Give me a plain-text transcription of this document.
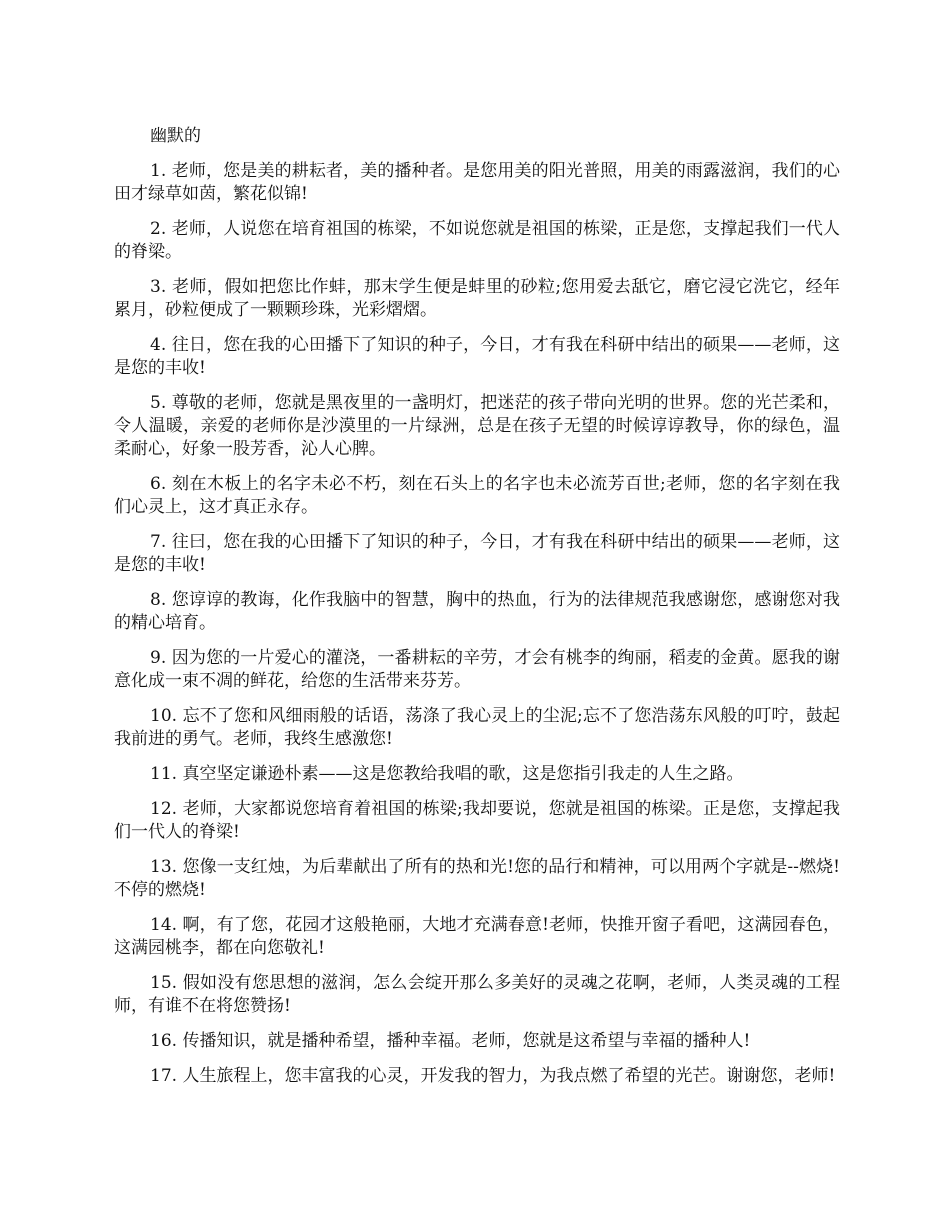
幽默的

1. 老师，您是美的耕耘者，美的播种者。是您用美的阳光普照，用美的雨露滋润，我们的心田才绿草如茵，繁花似锦!

2. 老师，人说您在培育祖国的栋梁，不如说您就是祖国的栋梁，正是您，支撑起我们一代人的脊梁。

3. 老师，假如把您比作蚌，那末学生便是蚌里的砂粒;您用爱去舐它，磨它浸它洗它，经年累月，砂粒便成了一颗颗珍珠，光彩熠熠。

4. 往日，您在我的心田播下了知识的种子，今日，才有我在科研中结出的硕果——老师，这是您的丰收!

5. 尊敬的老师，您就是黑夜里的一盏明灯，把迷茫的孩子带向光明的世界。您的光芒柔和，令人温暖，亲爱的老师你是沙漠里的一片绿洲，总是在孩子无望的时候谆谆教导，你的绿色，温柔耐心，好象一股芳香，沁人心脾。

6. 刻在木板上的名字未必不朽，刻在石头上的名字也未必流芳百世;老师，您的名字刻在我们心灵上，这才真正永存。

7. 往曰，您在我的心田播下了知识的种子，今日，才有我在科研中结出的硕果——老师，这是您的丰收!

8. 您谆谆的教诲，化作我脑中的智慧，胸中的热血，行为的法律规范我感谢您，感谢您对我的精心培育。

9. 因为您的一片爱心的灌浇，一番耕耘的辛劳，才会有桃李的绚丽，稻麦的金黄。愿我的谢意化成一束不凋的鲜花，给您的生活带来芬芳。

10. 忘不了您和风细雨般的话语，荡涤了我心灵上的尘泥;忘不了您浩荡东风般的叮咛，鼓起我前进的勇气。老师，我终生感激您!

11. 真空坚定谦逊朴素——这是您教给我唱的歌，这是您指引我走的人生之路。

12. 老师，大家都说您培育着祖国的栋梁;我却要说，您就是祖国的栋梁。正是您，支撑起我们一代人的脊梁!

13. 您像一支红烛，为后辈献出了所有的热和光!您的品行和精神，可以用两个字就是--燃烧!不停的燃烧!

14. 啊，有了您，花园才这般艳丽，大地才充满春意!老师，快推开窗子看吧，这满园春色，这满园桃李，都在向您敬礼!

15. 假如没有您思想的滋润，怎么会绽开那么多美好的灵魂之花啊，老师，人类灵魂的工程师，有谁不在将您赞扬!

16. 传播知识，就是播种希望，播种幸福。老师，您就是这希望与幸福的播种人!

17. 人生旅程上，您丰富我的心灵，开发我的智力，为我点燃了希望的光芒。谢谢您，老师!
